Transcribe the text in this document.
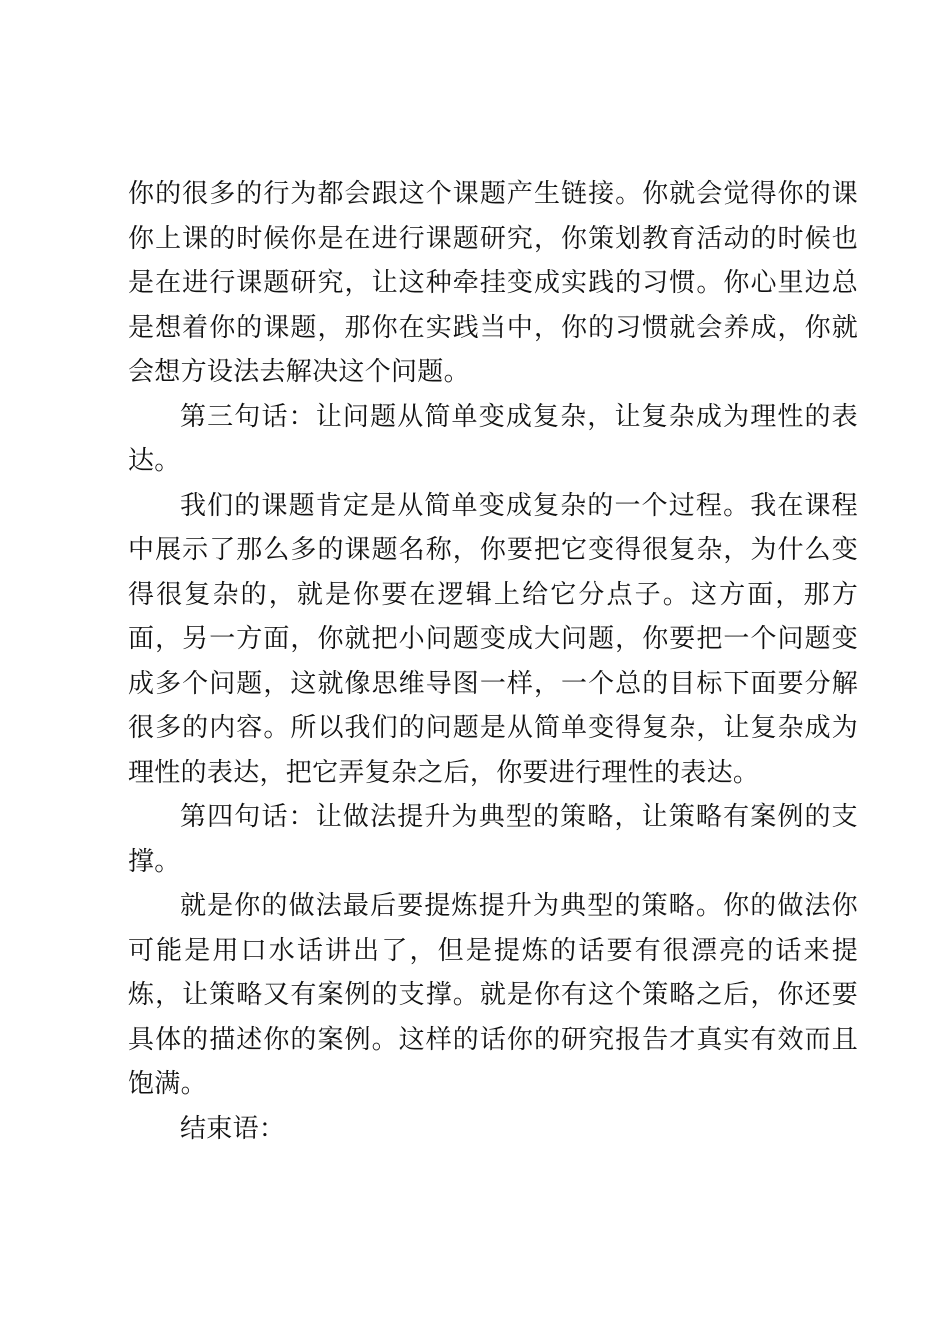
你的很多的行为都会跟这个课题产生链接。你就会觉得你的课你上课的时候你是在进行课题研究，你策划教育活动的时候也是在进行课题研究，让这种牵挂变成实践的习惯。你心里边总是想着你的课题，那你在实践当中，你的习惯就会养成，你就会想方设法去解决这个问题。

第三句话：让问题从简单变成复杂，让复杂成为理性的表达。

我们的课题肯定是从简单变成复杂的一个过程。我在课程中展示了那么多的课题名称，你要把它变得很复杂，为什么变得很复杂的，就是你要在逻辑上给它分点子。这方面，那方面，另一方面，你就把小问题变成大问题，你要把一个问题变成多个问题，这就像思维导图一样，一个总的目标下面要分解很多的内容。所以我们的问题是从简单变得复杂，让复杂成为理性的表达，把它弄复杂之后，你要进行理性的表达。

第四句话：让做法提升为典型的策略，让策略有案例的支撑。

就是你的做法最后要提炼提升为典型的策略。你的做法你可能是用口水话讲出了，但是提炼的话要有很漂亮的话来提炼，让策略又有案例的支撑。就是你有这个策略之后，你还要具体的描述你的案例。这样的话你的研究报告才真实有效而且饱满。

结束语：
